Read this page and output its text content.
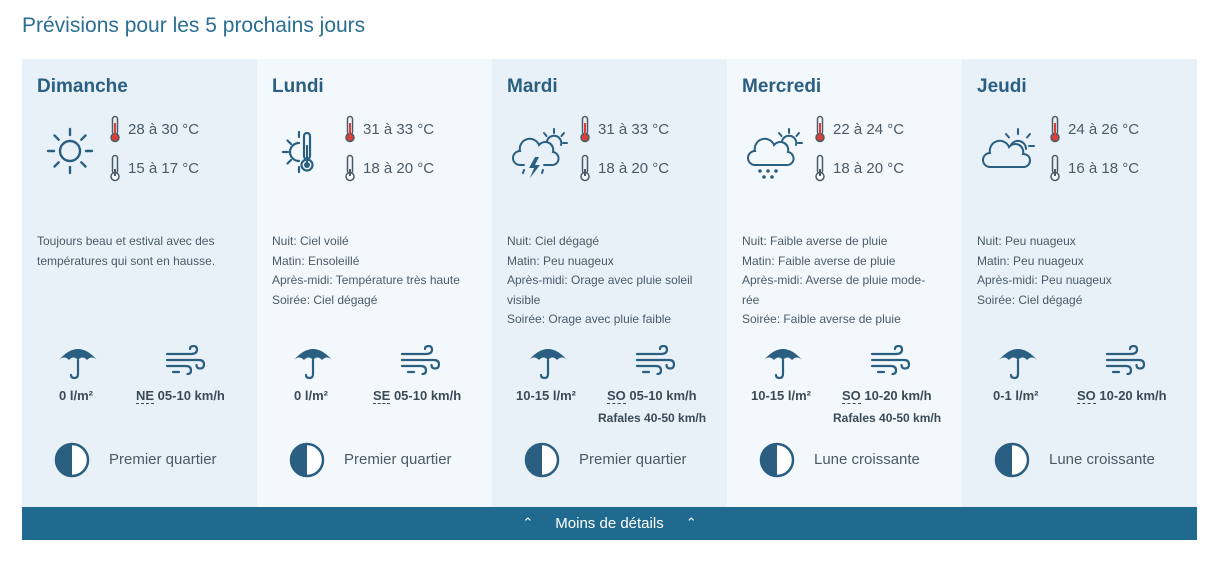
Prévisions pour les 5 prochains jours
Dimanche
28 à 30 °C
15 à 17 °C
Toujours beau et estival avec des
températures qui sont en hausse.
0 l/m²	NE 05-10 km/h
Premier quartier
Lundi
31 à 33 °C
18 à 20 °C
Nuit: Ciel voilé
Matin: Ensoleillé
Après-midi: Température très haute
Soirée: Ciel dégagé
0 l/m²	SE 05-10 km/h
Premier quartier
Mardi
31 à 33 °C
18 à 20 °C
Nuit: Ciel dégagé
Matin: Peu nuageux
Après-midi: Orage avec pluie soleil
visible
Soirée: Orage avec pluie faible
10-15 l/m² SO 05-10 km/h
Rafales 40-50 km/h
Premier quartier
Mercredi
22 à 24 °C
18 à 20 °C
Nuit: Faible averse de pluie
Matin: Faible averse de pluie
Après-midi: Averse de pluie mode-
rée
Soirée: Faible averse de pluie
10-15 l/m² SO 10-20 km/h
Rafales 40-50 km/h
Lune croissante
Jeudi
24 à 26 °C
16 à 18 °C
Nuit: Peu nuageux
Matin: Peu nuageux
Après-midi: Peu nuageux
Soirée: Ciel dégagé
0-1 l/m²	SO 10-20 km/h
Lune croissante
⌃ Moins de détails ⌃
